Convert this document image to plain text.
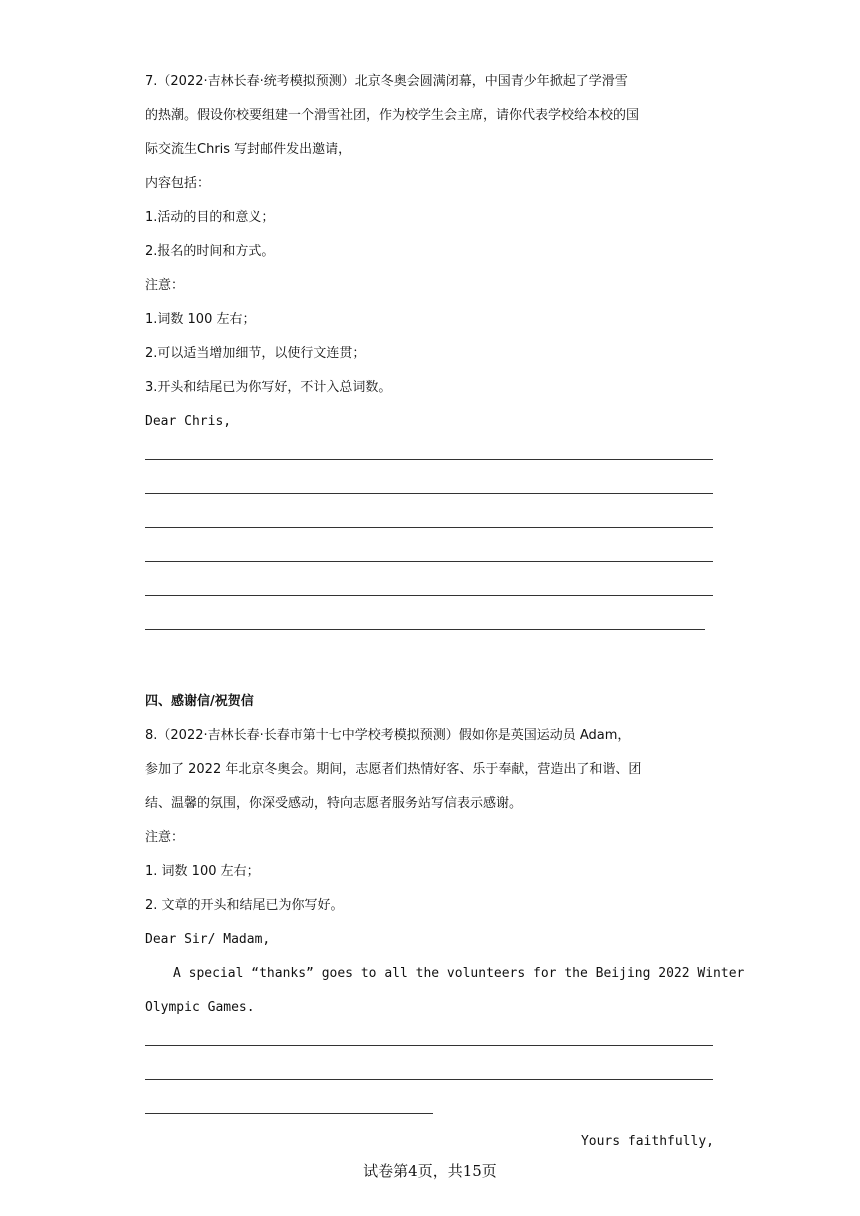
7.（2022·吉林长春·统考模拟预测）北京冬奥会圆满闭幕，中国青少年掀起了学滑雪
的热潮。假设你校要组建一个滑雪社团，作为校学生会主席，请你代表学校给本校的国
际交流生Chris 写封邮件发出邀请，
内容包括：
1.活动的目的和意义；
2.报名的时间和方式。
注意：
1.词数 100 左右；
2.可以适当增加细节，以使行文连贯；
3.开头和结尾已为你写好，不计入总词数。
Dear Chris,
四、感谢信/祝贺信
8.（2022·吉林长春·长春市第十七中学校考模拟预测）假如你是英国运动员 Adam，
参加了 2022 年北京冬奥会。期间，志愿者们热情好客、乐于奉献，营造出了和谐、团
结、温馨的氛围，你深受感动，特向志愿者服务站写信表示感谢。
注意：
1. 词数 100 左右；
2. 文章的开头和结尾已为你写好。
Dear Sir/ Madam,
A special “thanks” goes to all the volunteers for the Beijing 2022 Winter
Olympic Games.
Yours faithfully,
试卷第4页，共15页
